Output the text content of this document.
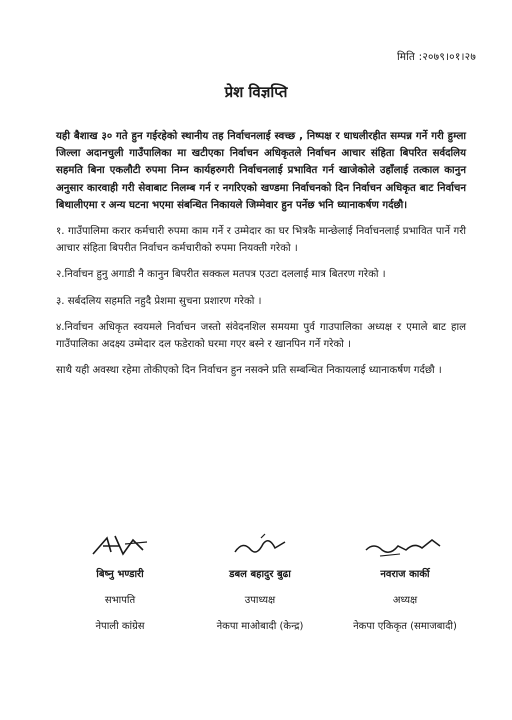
मिति :२०७९।०१।२७
प्रेश विज्ञप्ति

यही बैशाख ३० गते हुन गईरहेको स्थानीय तह निर्वाचनलाई स्वच्छ , निष्पक्ष र धाधलीरहीत सम्पन्न गर्ने गरी हुम्ला जिल्ला अदानचुली गाउँपालिका मा खटीएका निर्वाचन अधिकृतले निर्वाचन आचार संहिता बिपरित सर्वदलिय सहमति बिना एकलौटी रुपमा निम्न कार्यहरुगरी निर्वाचनलाई प्रभावित गर्न खाजेकोले उहाँलाई तत्काल कानुन अनुसार कारवाही गरी सेवाबाट निलम्ब गर्न र नगरिएको खण्डमा निर्वाचनको दिन निर्वाचन अधिकृत बाट निर्वाचन बिथालीएमा र अन्य घटना भएमा संबन्धित निकायले जिम्मेवार हुन पर्नेछ भनि ध्यानाकर्षण गर्दछौ।

१. गाउँपालिमा करार कर्मचारी रुपमा काम गर्ने र उम्मेदार का घर भित्रकै मान्छेलाई निर्वाचनलाई प्रभावित पार्ने गरी आचार संहिता बिपरीत निर्वाचन कर्मचारीको रुपमा नियक्ती गरेको ।

२.निर्वाचन हुनु अगाडी नै कानुन बिपरीत सक्कल मतपत्र एउटा दललाई मात्र बितरण गरेको ।

३. सर्बदलिय सहमति नहुदै प्रेशमा सुचना प्रशारण गरेको ।

४.निर्वाचन अधिकृत स्वयमले निर्वाचन जस्तो संवेदनशिल समयमा पुर्व गाउपालिका अध्यक्ष र एमाले बाट हाल गाउँपालिका अदक्ष्य उम्मेदार दल फडेराको घरमा गएर बस्ने र खानपिन गर्ने गरेको ।

साथै यही अवस्था रहेमा तोकीएको दिन निर्वाचन हुन नसक्ने प्रति सम्बन्धित निकायलाई ध्यानाकर्षण गर्दछौ ।

बिष्नु भण्डारी
सभापति
नेपाली कांग्रेस
डबल बहादुर बुढा
उपाध्यक्ष
नेकपा माओबादी (केन्द्र)
नवराज कार्की
अध्यक्ष
नेकपा एकिकृत (समाजबादी)
